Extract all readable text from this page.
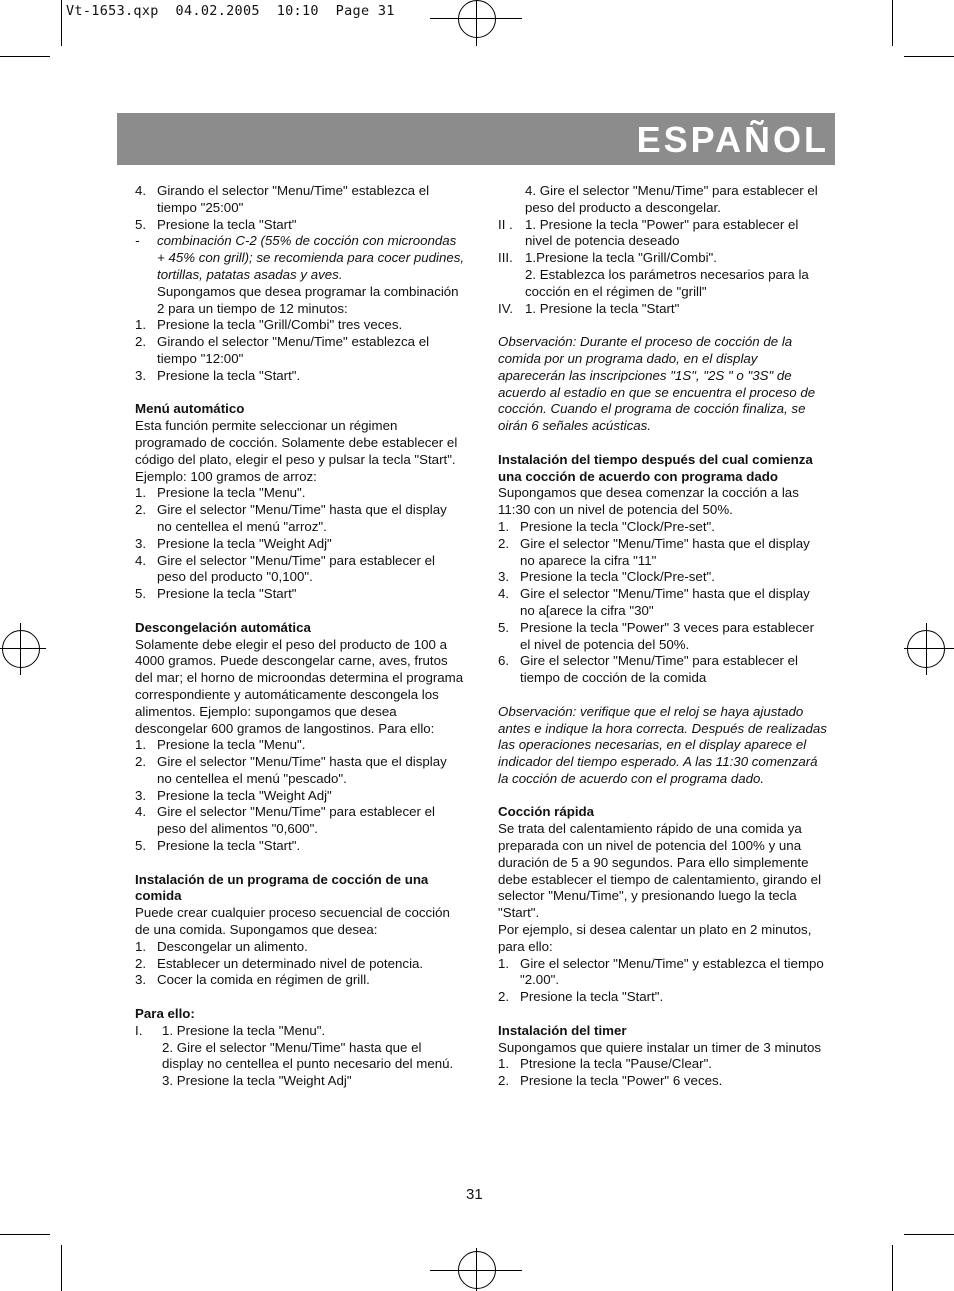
Vt-1653.qxp  04.02.2005  10:10  Page 31
ESPAÑOL
4. Girando el selector "Menu/Time" establezca el tiempo "25:00"
5. Presione la tecla "Start"
-	combinación C-2 (55% de cocción con microondas + 45% con grill); se recomienda para cocer pudines, tortillas, patatas asadas y aves.

Supongamos que desea programar la combinación 2 para un tiempo de 12 minutos:

1. Presione la tecla "Grill/Combi" tres veces.
2. Girando el selector "Menu/Time" establezca el tiempo "12:00"
3. Presione la tecla "Start".

Menú automático

Esta función permite seleccionar un régimen programado de cocción. Solamente debe establecer el código del plato, elegir el peso y pulsar la tecla "Start".

Ejemplo: 100 gramos de arroz:

1. Presione la tecla "Menu".
2. Gire el selector "Menu/Time" hasta que el display no centellea el menú "arroz".
3. Presione la tecla "Weight Adj"
4. Gire el selector "Menu/Time" para establecer el peso del producto "0,100".
5. Presione la tecla "Start"

Descongelación automática

Solamente debe elegir el peso del producto de 100 a 4000 gramos. Puede descongelar carne, aves, frutos del mar; el horno de microondas determina el programa correspondiente y automáticamente descongela los alimentos. Ejemplo: supongamos que desea descongelar 600 gramos de langostinos. Para ello:

1. Presione la tecla "Menu".
2. Gire el selector "Menu/Time" hasta que el display no centellea el menú "pescado".
3. Presione la tecla "Weight Adj"
4. Gire el selector "Menu/Time" para establecer el peso del alimentos "0,600".
5. Presione la tecla "Start".

Instalación de un programa de cocción de una comida

Puede crear cualquier proceso secuencial de cocción de una comida. Supongamos que desea:

1. Descongelar un alimento.
2. Establecer un determinado nivel de potencia.
3. Cocer la comida en régimen de grill.

Para ello:

I.	1. Presione la tecla "Menu".

2. Gire el selector "Menu/Time" hasta que el display no centellea el punto necesario del menú.

3. Presione la tecla "Weight Adj"

4. Gire el selector "Menu/Time" para establecer el peso del producto a descongelar.

II . 1. Presione la tecla "Power" para establecer el nivel de potencia deseado
III. 1.Presione la tecla "Grill/Combi".

2. Establezca los parámetros necesarios para la cocción en el régimen de "grill"

IV. 1. Presione la tecla "Start"

Observación: Durante el proceso de cocción de la comida por un programa dado, en el display aparecerán las inscripciones "1S", "2S " o "3S" de acuerdo al estadio en que se encuentra el proceso de cocción. Cuando el programa de cocción finaliza, se oirán 6 señales acústicas.

Instalación del tiempo después del cual comienza una cocción de acuerdo con programa dado

Supongamos que desea comenzar la cocción a las 11:30 con un nivel de potencia del 50%.

1. Presione la tecla "Clock/Pre-set".
2. Gire el selector "Menu/Time" hasta que el display no aparece la cifra "11"
3. Presione la tecla "Clock/Pre-set".
4. Gire el selector "Menu/Time" hasta que el display no a[arece la cifra "30"
5. Presione la tecla "Power" 3 veces para establecer el nivel de potencia del 50%.
6. Gire el selector "Menu/Time" para establecer el tiempo de cocción de la comida

Observación: verifique que el reloj se haya ajustado antes e indique la hora correcta. Después de realizadas las operaciones necesarias, en el display aparece el indicador del tiempo esperado. A las 11:30 comenzará la cocción de acuerdo con el programa dado.

Cocción rápida

Se trata del calentamiento rápido de una comida ya preparada con un nivel de potencia del 100% y una duración de 5 a 90 segundos. Para ello simplemente debe establecer el tiempo de calentamiento, girando el selector "Menu/Time", y presionando luego la tecla "Start".

Por ejemplo, si desea calentar un plato en 2 minutos, para ello:

1. Gire el selector "Menu/Time" y establezca el tiempo "2.00".
2. Presione la tecla "Start".

Instalación del timer

Supongamos que quiere instalar un timer de 3 minutos

1. Ptresione la tecla "Pause/Clear".
2. Presione la tecla "Power" 6 veces.
31
